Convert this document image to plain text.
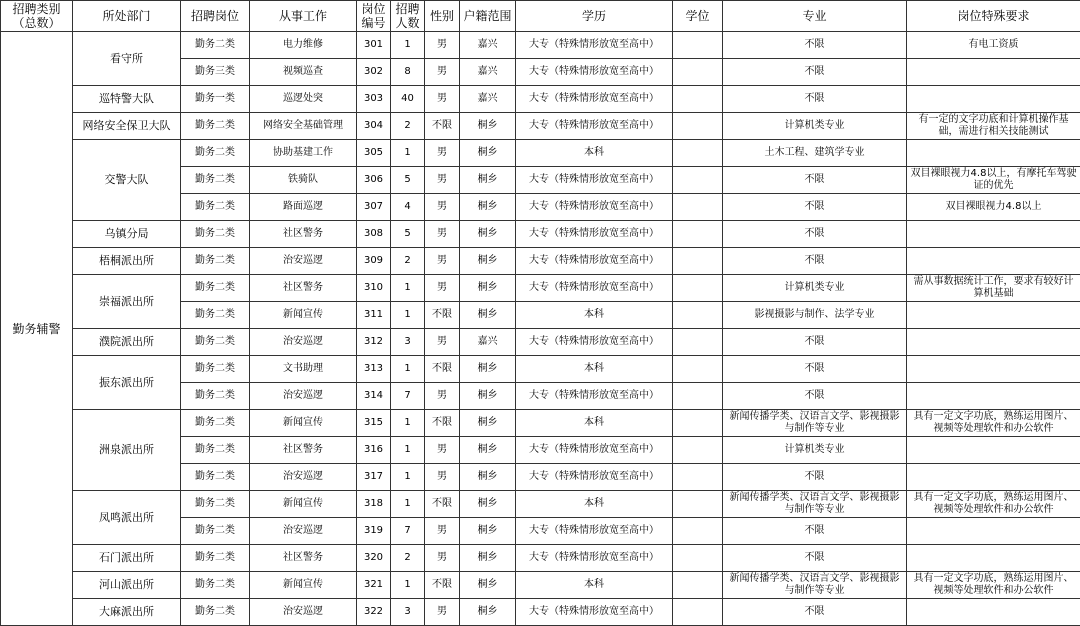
招聘类别（总数）	所处部门	招聘岗位	从事工作	岗位编号	招聘人数	性别	户籍范围	学历	学位	专业	岗位特殊要求
勤务辅警	看守所	勤务二类	电力维修	301	1	男	嘉兴	大专（特殊情形放宽至高中）		不限	有电工资质
		勤务三类	视频巡查	302	8	男	嘉兴	大专（特殊情形放宽至高中）		不限	
	巡特警大队	勤务一类	巡逻处突	303	40	男	嘉兴	大专（特殊情形放宽至高中）		不限	
	网络安全保卫大队	勤务二类	网络安全基础管理	304	2	不限	桐乡	大专（特殊情形放宽至高中）		计算机类专业	有一定的文字功底和计算机操作基础，需进行相关技能测试
	交警大队	勤务二类	协助基建工作	305	1	男	桐乡	本科		土木工程、建筑学专业	
		勤务二类	铁骑队	306	5	男	桐乡	大专（特殊情形放宽至高中）		不限	双目裸眼视力4.8以上，有摩托车驾驶证的优先
		勤务二类	路面巡逻	307	4	男	桐乡	大专（特殊情形放宽至高中）		不限	双目裸眼视力4.8以上
	乌镇分局	勤务二类	社区警务	308	5	男	桐乡	大专（特殊情形放宽至高中）		不限	
	梧桐派出所	勤务二类	治安巡逻	309	2	男	桐乡	大专（特殊情形放宽至高中）		不限	
	崇福派出所	勤务二类	社区警务	310	1	男	桐乡	大专（特殊情形放宽至高中）		计算机类专业	需从事数据统计工作，要求有较好计算机基础
		勤务二类	新闻宣传	311	1	不限	桐乡	本科		影视摄影与制作、法学专业	
	濮院派出所	勤务二类	治安巡逻	312	3	男	嘉兴	大专（特殊情形放宽至高中）		不限	
	振东派出所	勤务二类	文书助理	313	1	不限	桐乡	本科		不限	
		勤务二类	治安巡逻	314	7	男	桐乡	大专（特殊情形放宽至高中）		不限	
	洲泉派出所	勤务二类	新闻宣传	315	1	不限	桐乡	本科		新闻传播学类、汉语言文学、影视摄影与制作等专业	具有一定文字功底，熟练运用图片、视频等处理软件和办公软件
		勤务二类	社区警务	316	1	男	桐乡	大专（特殊情形放宽至高中）		计算机类专业	
		勤务二类	治安巡逻	317	1	男	桐乡	大专（特殊情形放宽至高中）		不限	
	凤鸣派出所	勤务二类	新闻宣传	318	1	不限	桐乡	本科		新闻传播学类、汉语言文学、影视摄影与制作等专业	具有一定文字功底，熟练运用图片、视频等处理软件和办公软件
		勤务二类	治安巡逻	319	7	男	桐乡	大专（特殊情形放宽至高中）		不限	
	石门派出所	勤务二类	社区警务	320	2	男	桐乡	大专（特殊情形放宽至高中）		不限	
	河山派出所	勤务二类	新闻宣传	321	1	不限	桐乡	本科		新闻传播学类、汉语言文学、影视摄影与制作等专业	具有一定文字功底，熟练运用图片、视频等处理软件和办公软件
	大麻派出所	勤务二类	治安巡逻	322	3	男	桐乡	大专（特殊情形放宽至高中）		不限	
